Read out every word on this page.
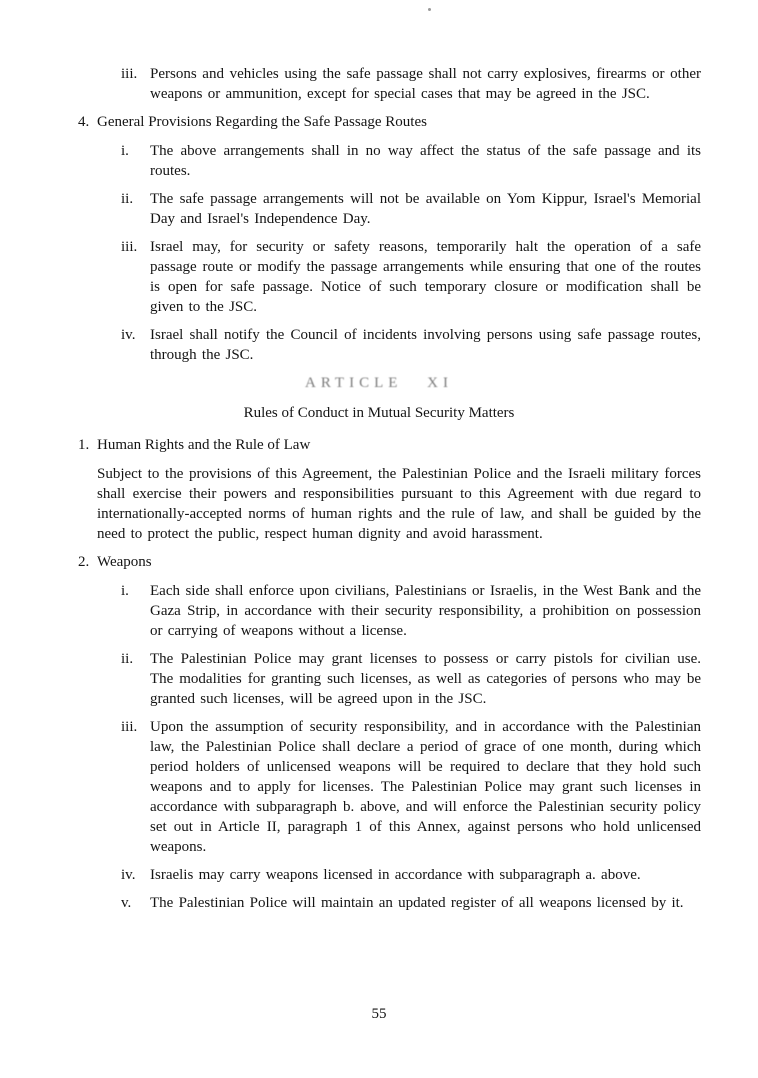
iii. Persons and vehicles using the safe passage shall not carry explosives, firearms or other weapons or ammunition, except for special cases that may be agreed in the JSC.
4. General Provisions Regarding the Safe Passage Routes
i.	The above arrangements shall in no way affect the status of the safe passage and its routes.
ii.	The safe passage arrangements will not be available on Yom Kippur, Israel's Memorial Day and Israel's Independence Day.
iii. Israel may, for security or safety reasons, temporarily halt the operation of a safe passage route or modify the passage arrangements while ensuring that one of the routes is open for safe passage. Notice of such temporary closure or modification shall be given to the JSC.
iv. Israel shall notify the Council of incidents involving persons using safe passage routes, through the JSC.
ARTICLE XI
Rules of Conduct in Mutual Security Matters
1. Human Rights and the Rule of Law
Subject to the provisions of this Agreement, the Palestinian Police and the Israeli military forces shall exercise their powers and responsibilities pursuant to this Agreement with due regard to internationally-accepted norms of human rights and the rule of law, and shall be guided by the need to protect the public, respect human dignity and avoid harassment.
2. Weapons
i.	Each side shall enforce upon civilians, Palestinians or Israelis, in the West Bank and the Gaza Strip, in accordance with their security responsibility, a prohibition on possession or carrying of weapons without a license.
ii.	The Palestinian Police may grant licenses to possess or carry pistols for civilian use. The modalities for granting such licenses, as well as categories of persons who may be granted such licenses, will be agreed upon in the JSC.
iii. Upon the assumption of security responsibility, and in accordance with the Palestinian law, the Palestinian Police shall declare a period of grace of one month, during which period holders of unlicensed weapons will be required to declare that they hold such weapons and to apply for licenses. The Palestinian Police may grant such licenses in accordance with subparagraph b. above, and will enforce the Palestinian security policy set out in Article II, paragraph 1 of this Annex, against persons who hold unlicensed weapons.
iv. Israelis may carry weapons licensed in accordance with subparagraph a. above.
v.	The Palestinian Police will maintain an updated register of all weapons licensed by it.
55
